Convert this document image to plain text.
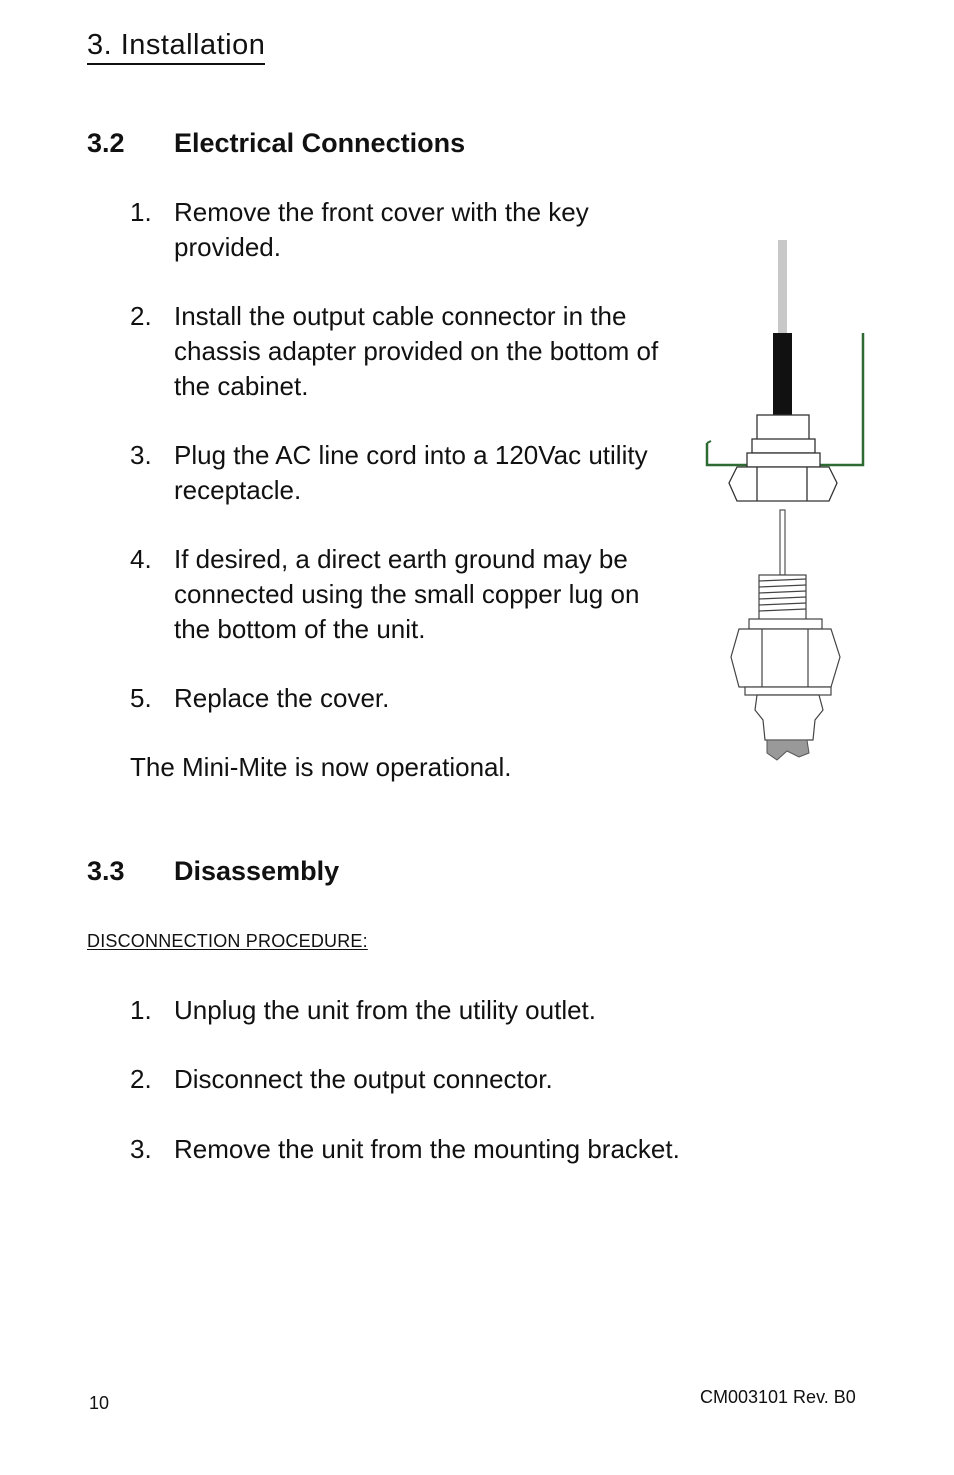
3. Installation
3.2 Electrical Connections
1. Remove the front cover with the key provided.
2. Install the output cable connector in the chassis adapter provided on the bottom of the cabinet.
3. Plug the AC line cord into a 120Vac utility receptacle.
4. If desired, a direct earth ground may be connected using the small copper lug on the bottom of the unit.
5. Replace the cover.
The Mini-Mite is now operational.
3.3 Disassembly
DISCONNECTION PROCEDURE:
1. Unplug the unit from the utility outlet.
2. Disconnect the output connector.
3. Remove the unit from the mounting bracket.
10	CM003101 Rev. B0
